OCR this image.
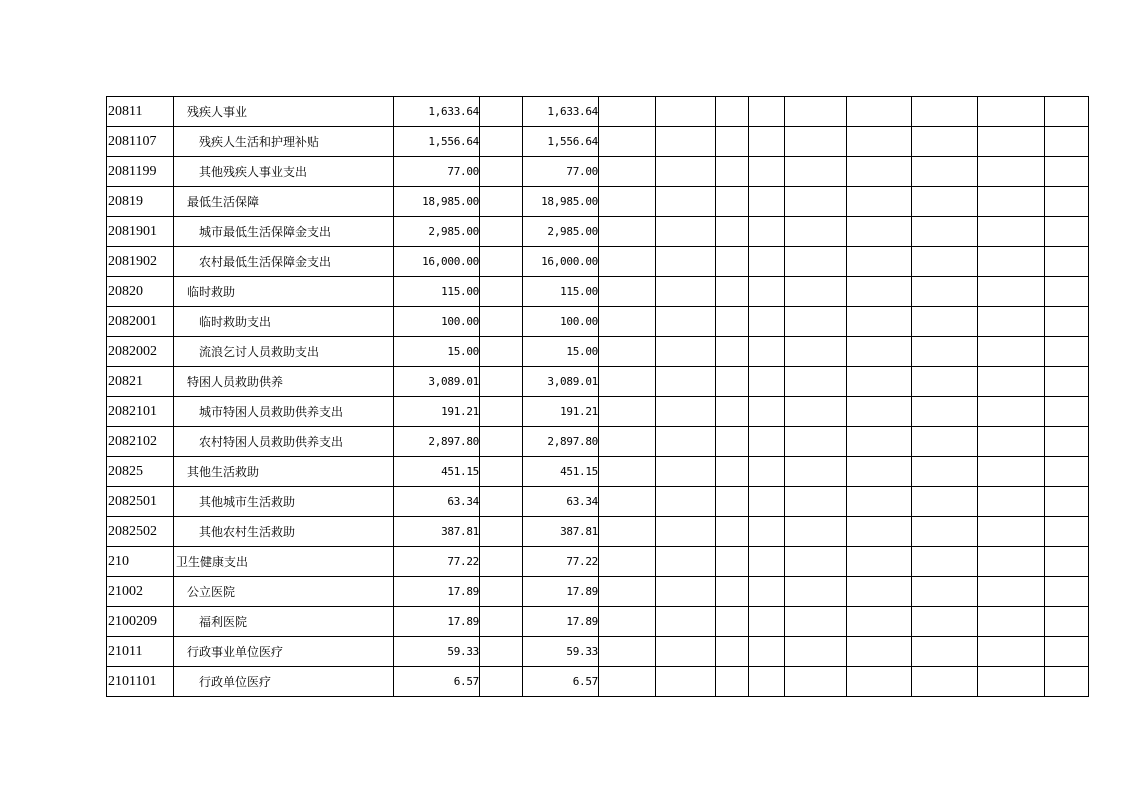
20811	残疾人事业	1,633.64		1,633.64									
2081107	残疾人生活和护理补贴	1,556.64		1,556.64									
2081199	其他残疾人事业支出	77.00		77.00									
20819	最低生活保障	18,985.00		18,985.00									
2081901	城市最低生活保障金支出	2,985.00		2,985.00									
2081902	农村最低生活保障金支出	16,000.00		16,000.00									
20820	临时救助	115.00		115.00									
2082001	临时救助支出	100.00		100.00									
2082002	流浪乞讨人员救助支出	15.00		15.00									
20821	特困人员救助供养	3,089.01		3,089.01									
2082101	城市特困人员救助供养支出	191.21		191.21									
2082102	农村特困人员救助供养支出	2,897.80		2,897.80									
20825	其他生活救助	451.15		451.15									
2082501	其他城市生活救助	63.34		63.34									
2082502	其他农村生活救助	387.81		387.81									
210	卫生健康支出	77.22		77.22									
21002	公立医院	17.89		17.89									
2100209	福利医院	17.89		17.89									
21011	行政事业单位医疗	59.33		59.33									
2101101	行政单位医疗	6.57		6.57									
